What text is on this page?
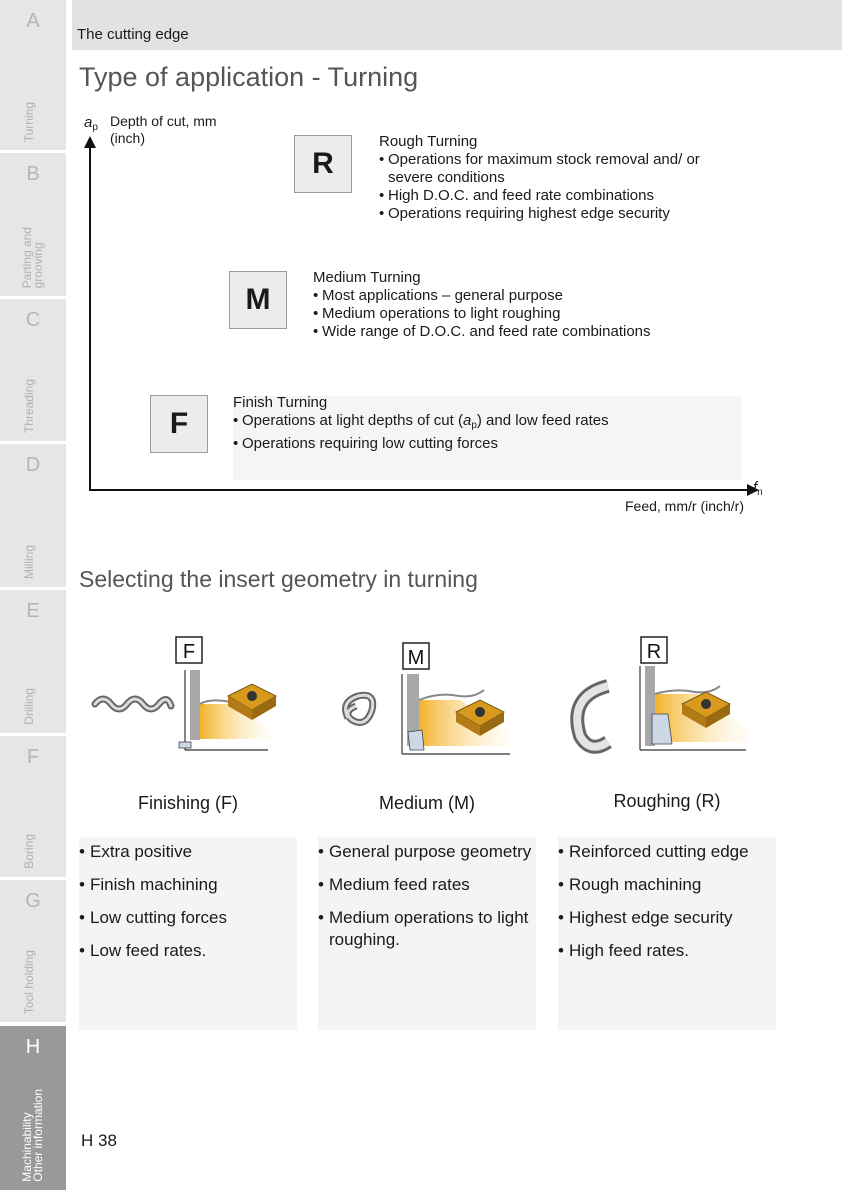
A
Turning
B
Parting and
grooving
C
Threading
D
Milling
E
Drilling
F
Boring
G
Tool holding
H
Machinability
Other information
The cutting edge
Type of application - Turning
$a_p$ Depth of cut, mm (inch)
$f_n$
Feed, mm/r (inch/r)
R
Rough Turning
• Operations for maximum stock removal and/ or severe conditions
• High D.O.C. and feed rate combinations
• Operations requiring highest edge security
M
Medium Turning
• Most applications – general purpose
• Medium operations to light roughing
• Wide range of D.O.C. and feed rate combinations
F
Finish Turning
• Operations at light depths of cut $(a_p)$ and low feed rates
• Operations requiring low cutting forces
Selecting the insert geometry in turning
F	M	R
Finishing (F)	Medium (M)	Roughing (R)
• Extra positive
• Finish machining
• Low cutting forces
• Low feed rates.
• General purpose geometry
• Medium feed rates
• Medium operations to light roughing.
• Reinforced cutting edge
• Rough machining
• Highest edge security
• High feed rates.
H 38
